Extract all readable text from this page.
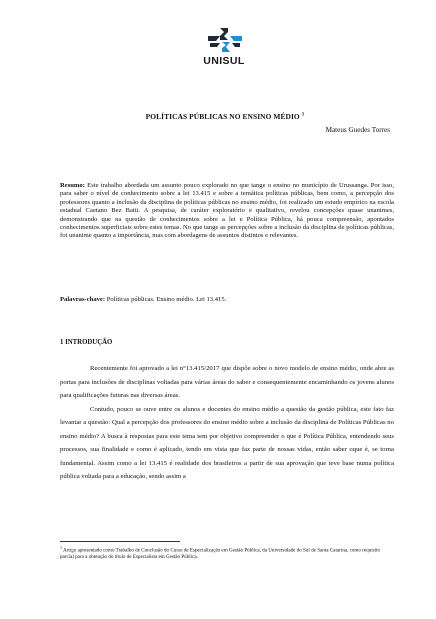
UNISUL
POLÍTICAS PÚBLICAS NO ENSINO MÉDIO $^1$
Mateus Guedes Torres
Resumo: Este trabalho abordada um assunto pouco explorado no que tange o ensino no município de Urussanga. Por isso, para saber o nível de conhecimento sobre a lei 13.415 e sobre a temática políticas públicas, bem como, a percepção dos professores quanto a inclusão da disciplina de políticas públicas no ensino médio, foi realizado um estudo empírico na escola estadual Caetano Bez Batti. A pesquisa, de caráter exploratório e qualitativo, revelou concepções quase unanimes, demonstrando que na questão de conhecimentos sobre a lei e Política Pública, há pouca compreensão, apontados conhecimentos superficiais sobre estes temas. No que tange as percepções sobre a inclusão da disciplina de políticas públicas, foi unanime quanto a importância, mas com abordagens de assuntos distintos e relevantes.
Palavras-chave: Políticas públicas. Ensino médio. Lei 13.415.
1 INTRODUÇÃO

Recentemente foi aprovado a lei n°13.415/2017 que dispõe sobre o novo modelo de ensino médio, onde abre as portas para inclusões de disciplinas voltadas para várias áreas do saber e consequentemente encaminhando os jovens alunos para qualificações futuras nas diversas áreas.

Contudo, pouco se ouve entre os alunos e docentes do ensino médio a questão da gestão pública, este fato faz levantar a questão: Qual a percepção dos professores do ensino médio sobre a inclusão da disciplina de Políticas Públicas no ensino médio? A busca à respostas para este tema tem por objetivo compreender o que é Política Pública, entendendo seus processos, sua finalidade e como é aplicado, tendo em vista que faz parte de nossas vidas, então saber oque é, se torna fundamental. Assim como a lei 13.415 é realidade dos brasileiros a partir de sua aprovação que teve base numa política pública voltada para a educação, sendo assim a

$^1$ Artigo apresentado como Trabalho de Conclusão do Curso de Especialização em Gestão Pública, da Universidade do Sul de Santa Catarina, como requisito parcial para a obtenção do título de Especialista em Gestão Pública.
